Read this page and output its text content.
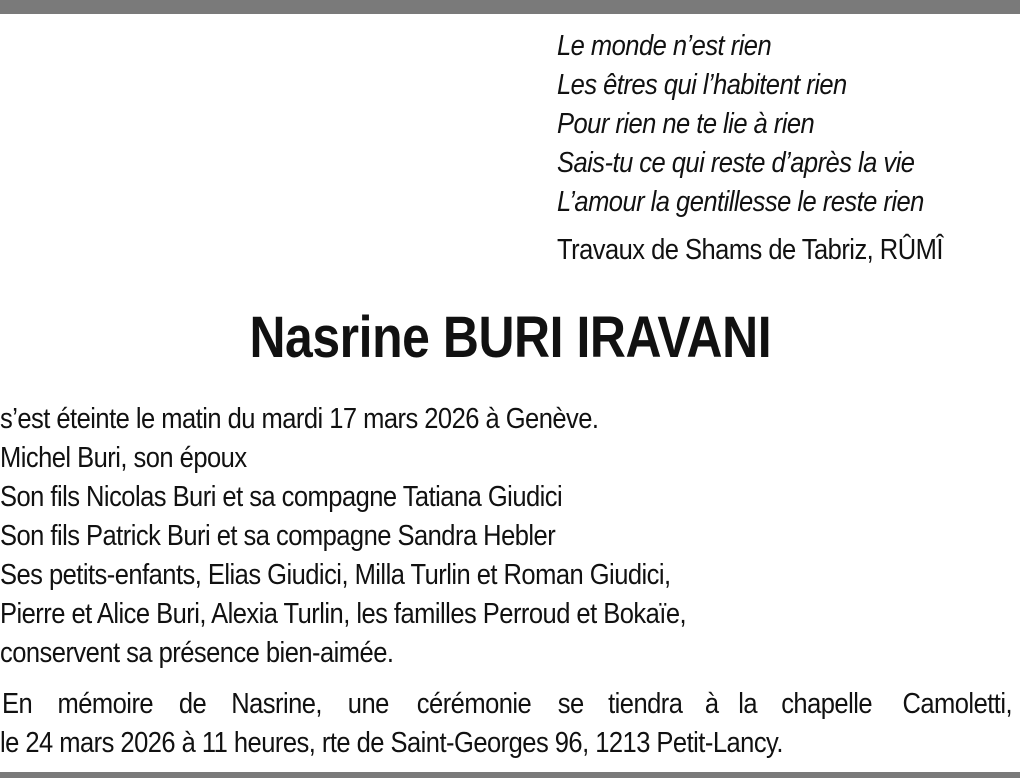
Le monde n’est rien
Les êtres qui l’habitent rien
Pour rien ne te lie à rien
Sais-tu ce qui reste d’après la vie
L’amour la gentillesse le reste rien
Travaux de Shams de Tabriz, RÛMÎ
Nasrine BURI IRAVANI
s’est éteinte le matin du mardi 17 mars 2026 à Genève.
Michel Buri, son époux
Son fils Nicolas Buri et sa compagne Tatiana Giudici
Son fils Patrick Buri et sa compagne Sandra Hebler
Ses petits-enfants, Elias Giudici, Milla Turlin et Roman Giudici,
Pierre et Alice Buri, Alexia Turlin, les familles Perroud et Bokaïe,
conservent sa présence bien-aimée.
En mémoire de Nasrine, une cérémonie se tiendra à la chapelle Camoletti,
le 24 mars 2026 à 11 heures, rte de Saint-Georges 96, 1213 Petit-Lancy.
